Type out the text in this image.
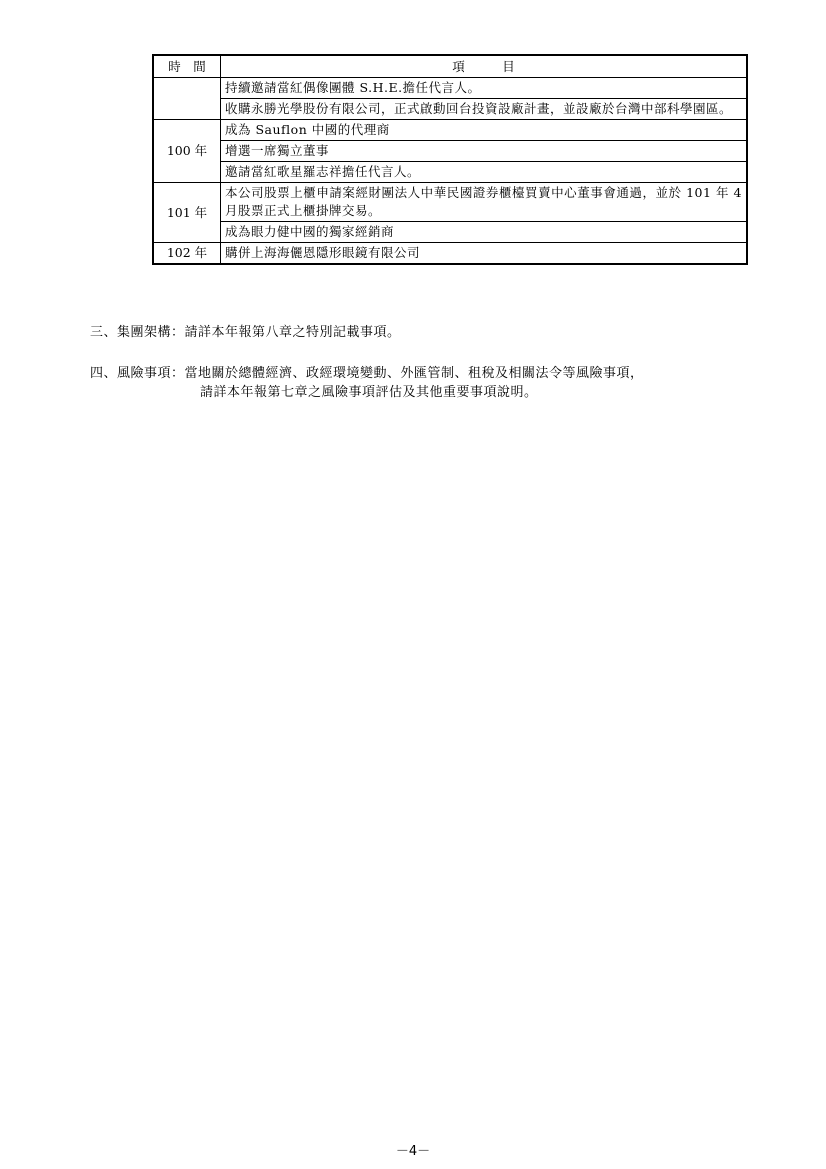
時　間	項　　　目
	持續邀請當紅偶像團體 S.H.E.擔任代言人。
	收購永勝光學股份有限公司，正式啟動回台投資設廠計畫，並設廠於台灣中部科學園區。
100 年	成為 Sauflon 中國的代理商
	增選一席獨立董事
	邀請當紅歌星羅志祥擔任代言人。
101 年	本公司股票上櫃申請案經財團法人中華民國證券櫃檯買賣中心董事會通過，並於 101 年 4 月股票正式上櫃掛牌交易。
	成為眼力健中國的獨家經銷商
102 年	購併上海海儷恩隱形眼鏡有限公司
三、集團架構：請詳本年報第八章之特別記載事項。
四、風險事項：當地關於總體經濟、政經環境變動、外匯管制、租稅及相關法令等風險事項，
請詳本年報第七章之風險事項評估及其他重要事項說明。
－4－
